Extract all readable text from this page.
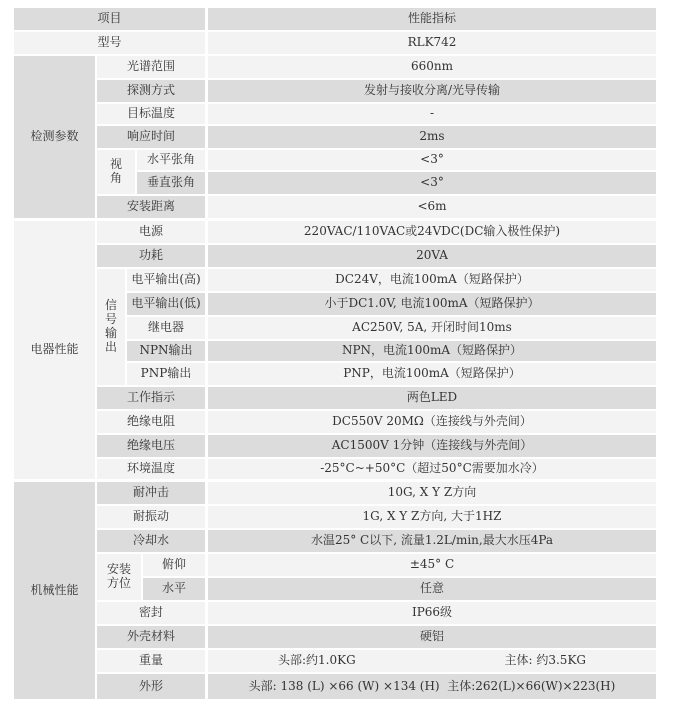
项目	性能指标
型号	RLK742
检测参数
光谱范围	660nm
探测方式	发射与接收分离/光导传输
目标温度	-
响应时间	2ms
视
角
水平张角	<3°
垂直张角	<3°
安装距离	<6m
电器性能
电源	220VAC/110VAC或24VDC(DC输入极性保护)
功耗	20VA
信
号
输
出
电平输出(高)	DC24V，电流100mA（短路保护）
电平输出(低)	小于DC1.0V, 电流100mA（短路保护）
继电器	AC250V, 5A, 开闭时间10ms
NPN输出	NPN，电流100mA（短路保护）
PNP输出	PNP，电流100mA（短路保护）
工作指示	两色LED
绝缘电阻	DC550V 20MΩ（连接线与外壳间）
绝缘电压	AC1500V 1分钟（连接线与外壳间）
环境温度	-25°C~+50°C（超过50°C需要加水冷）
机械性能
耐冲击	10G, X Y Z方向
耐振动	1G, X Y Z方向, 大于1HZ
冷却水	水温25° C以下, 流量1.2L/min,最大水压4Pa
安装
方位
俯仰	±45° C
水平	任意
密封	IP66级
外壳材料	硬铝
重量	头部:约1.0KG	主体: 约3.5KG
外形	头部: 138 (L) ×66 (W) ×134 (H)  主体:262(L)×66(W)×223(H)
